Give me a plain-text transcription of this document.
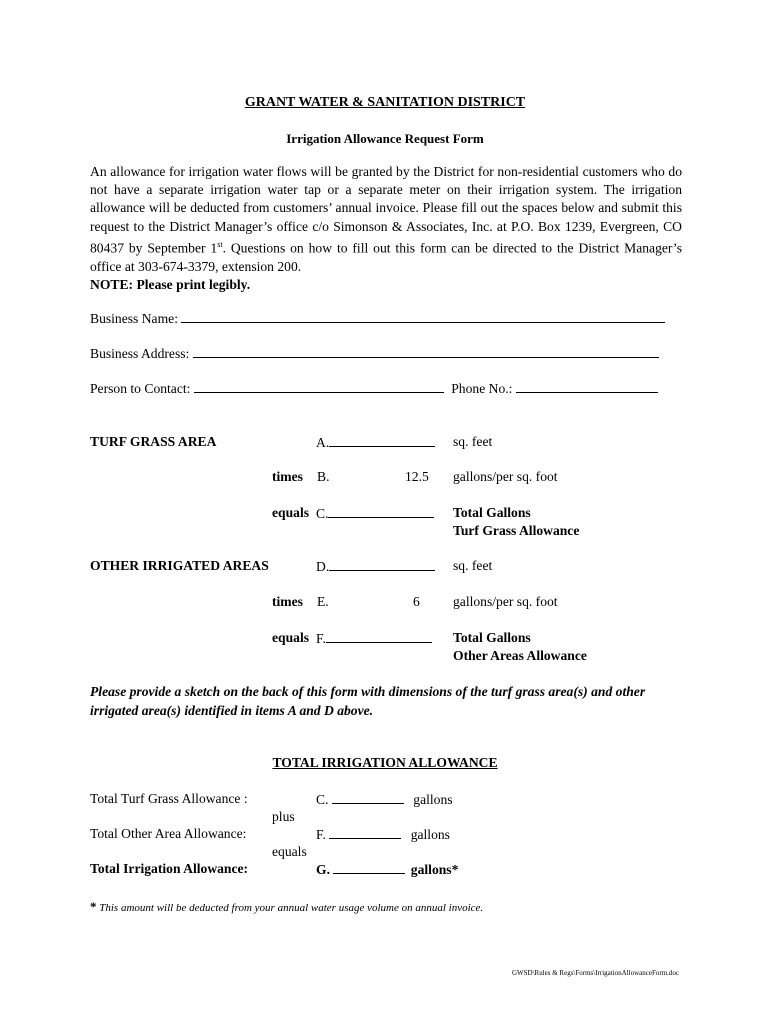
GRANT WATER & SANITATION DISTRICT
Irrigation Allowance Request Form

An allowance for irrigation water flows will be granted by the District for non-residential customers who do not have a separate irrigation water tap or a separate meter on their irrigation system. The irrigation allowance will be deducted from customers’ annual invoice. Please fill out the spaces below and submit this request to the District Manager’s office c/o Simonson & Associates, Inc. at P.O. Box 1239, Evergreen, CO 80437 by September 1st. Questions on how to fill out this form can be directed to the District Manager’s office at 303-674-3379, extension 200.

NOTE: Please print legibly.

Business Name:
Business Address:
Person to Contact:	Phone No.:
TURF GRASS AREA	A.	sq. feet
times B.	12.5 gallons/per sq. foot
equals C.	Total Gallons
Turf Grass Allowance
OTHER IRRIGATED AREAS	D.	sq. feet
times E.	6 gallons/per sq. foot
equals F.	Total Gallons
Other Areas Allowance
Please provide a sketch on the back of this form with dimensions of the turf grass area(s) and other irrigated area(s) identified in items A and D above.
TOTAL IRRIGATION ALLOWANCE
Total Turf Grass Allowance :	C.	gallons
plus
Total Other Area Allowance:	F.	gallons
equals
Total Irrigation Allowance:	G.	gallons*
* This amount will be deducted from your annual water usage volume on annual invoice.
GWSD\Rules & Regs\Forms\IrrigationAllowanceForm.doc
